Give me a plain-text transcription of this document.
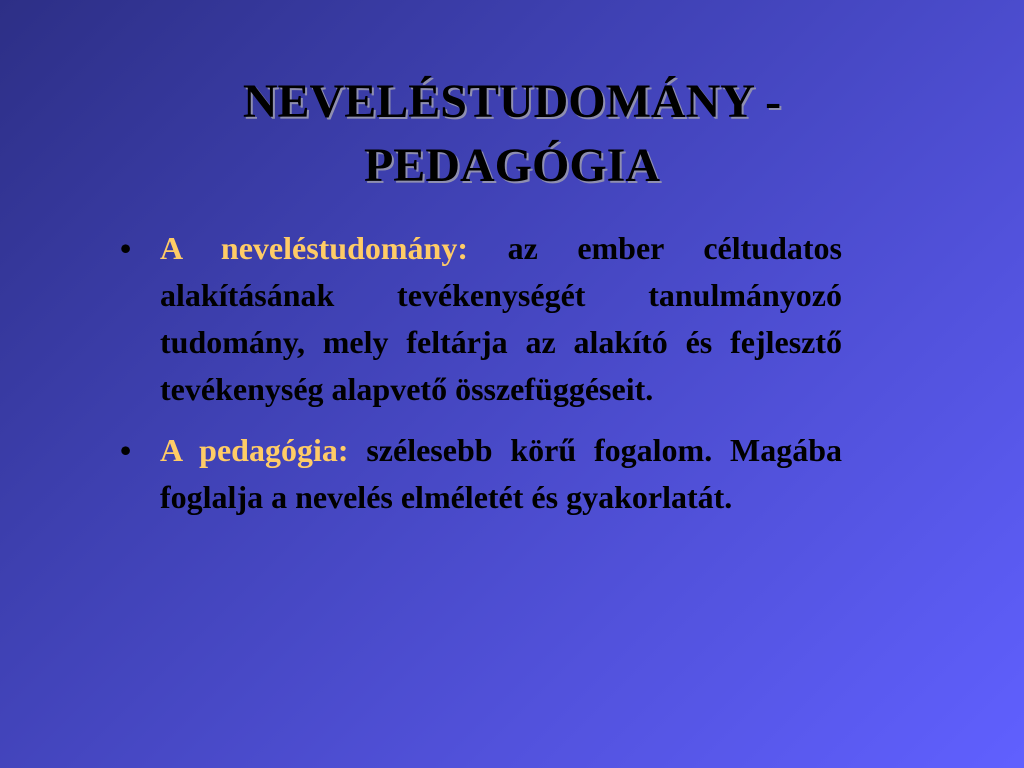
NEVELÉSTUDOMÁNY -
PEDAGÓGIA
• A neveléstudomány: az ember céltudatos alakításának tevékenységét tanulmányozó tudomány, mely feltárja az alakító és fejlesztő tevékenység alapvető összefüggéseit.
• A pedagógia: szélesebb körű fogalom. Magába foglalja a nevelés elméletét és gyakorlatát.
